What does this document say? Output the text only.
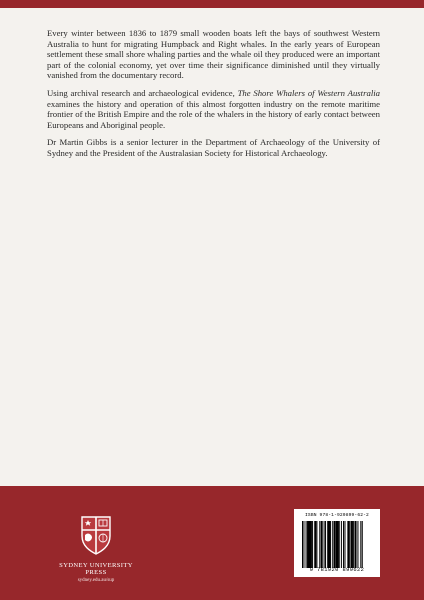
Every winter between 1836 to 1879 small wooden boats left the bays of southwest Western Australia to hunt for migrating Humpback and Right whales. In the early years of European settlement these small shore whaling parties and the whale oil they produced were an important part of the colonial economy, yet over time their significance diminished until they virtually vanished from the documentary record.

Using archival research and archaeological evidence, The Shore Whalers of Western Australia examines the history and operation of this almost forgotten industry on the remote maritime frontier of the British Empire and the role of the whalers in the history of early contact between Europeans and Aboriginal people.

Dr Martin Gibbs is a senior lecturer in the Department of Archaeology of the University of Sydney and the President of the Australasian Society for Historical Archaeology.

SYDNEY UNIVERSITY PRESS
sydney.edu.au/sup
ISBN 978-1-920899-62-2
9 781920 899622
